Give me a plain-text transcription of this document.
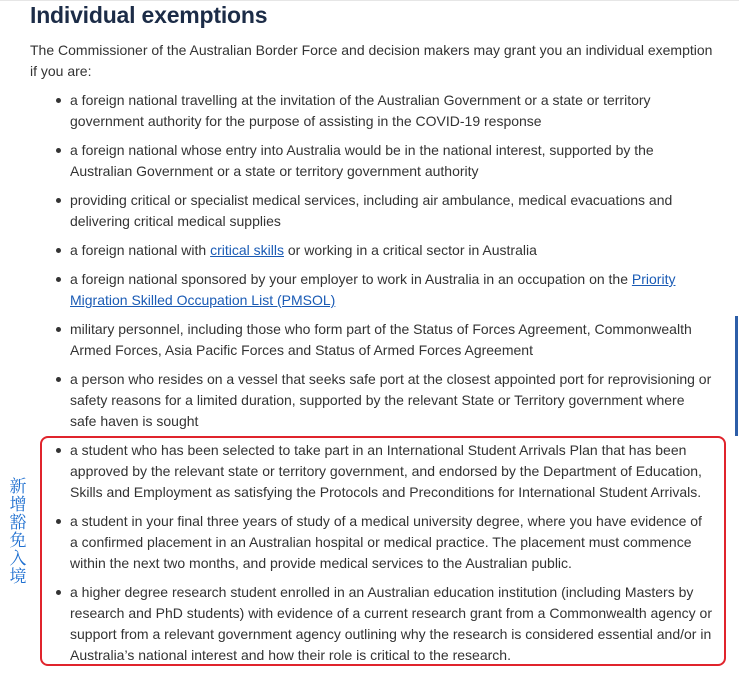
Individual exemptions

The Commissioner of the Australian Border Force and decision makers may grant you an individual exemption if you are:

a foreign national travelling at the invitation of the Australian Government or a state or territory government authority for the purpose of assisting in the COVID-19 response
a foreign national whose entry into Australia would be in the national interest, supported by the Australian Government or a state or territory government authority
providing critical or specialist medical services, including air ambulance, medical evacuations and delivering critical medical supplies
a foreign national with critical skills or working in a critical sector in Australia
a foreign national sponsored by your employer to work in Australia in an occupation on the Priority Migration Skilled Occupation List (PMSOL)
military personnel, including those who form part of the Status of Forces Agreement, Commonwealth Armed Forces, Asia Pacific Forces and Status of Armed Forces Agreement
a person who resides on a vessel that seeks safe port at the closest appointed port for reprovisioning or safety reasons for a limited duration, supported by the relevant State or Territory government where safe haven is sought
a student who has been selected to take part in an International Student Arrivals Plan that has been approved by the relevant state or territory government, and endorsed by the Department of Education, Skills and Employment as satisfying the Protocols and Preconditions for International Student Arrivals.
a student in your final three years of study of a medical university degree, where you have evidence of a confirmed placement in an Australian hospital or medical practice. The placement must commence within the next two months, and provide medical services to the Australian public.
a higher degree research student enrolled in an Australian education institution (including Masters by research and PhD students) with evidence of a current research grant from a Commonwealth agency or support from a relevant government agency outlining why the research is considered essential and/or in Australia’s national interest and how their role is critical to the research.
新
增
豁
免
入
境
